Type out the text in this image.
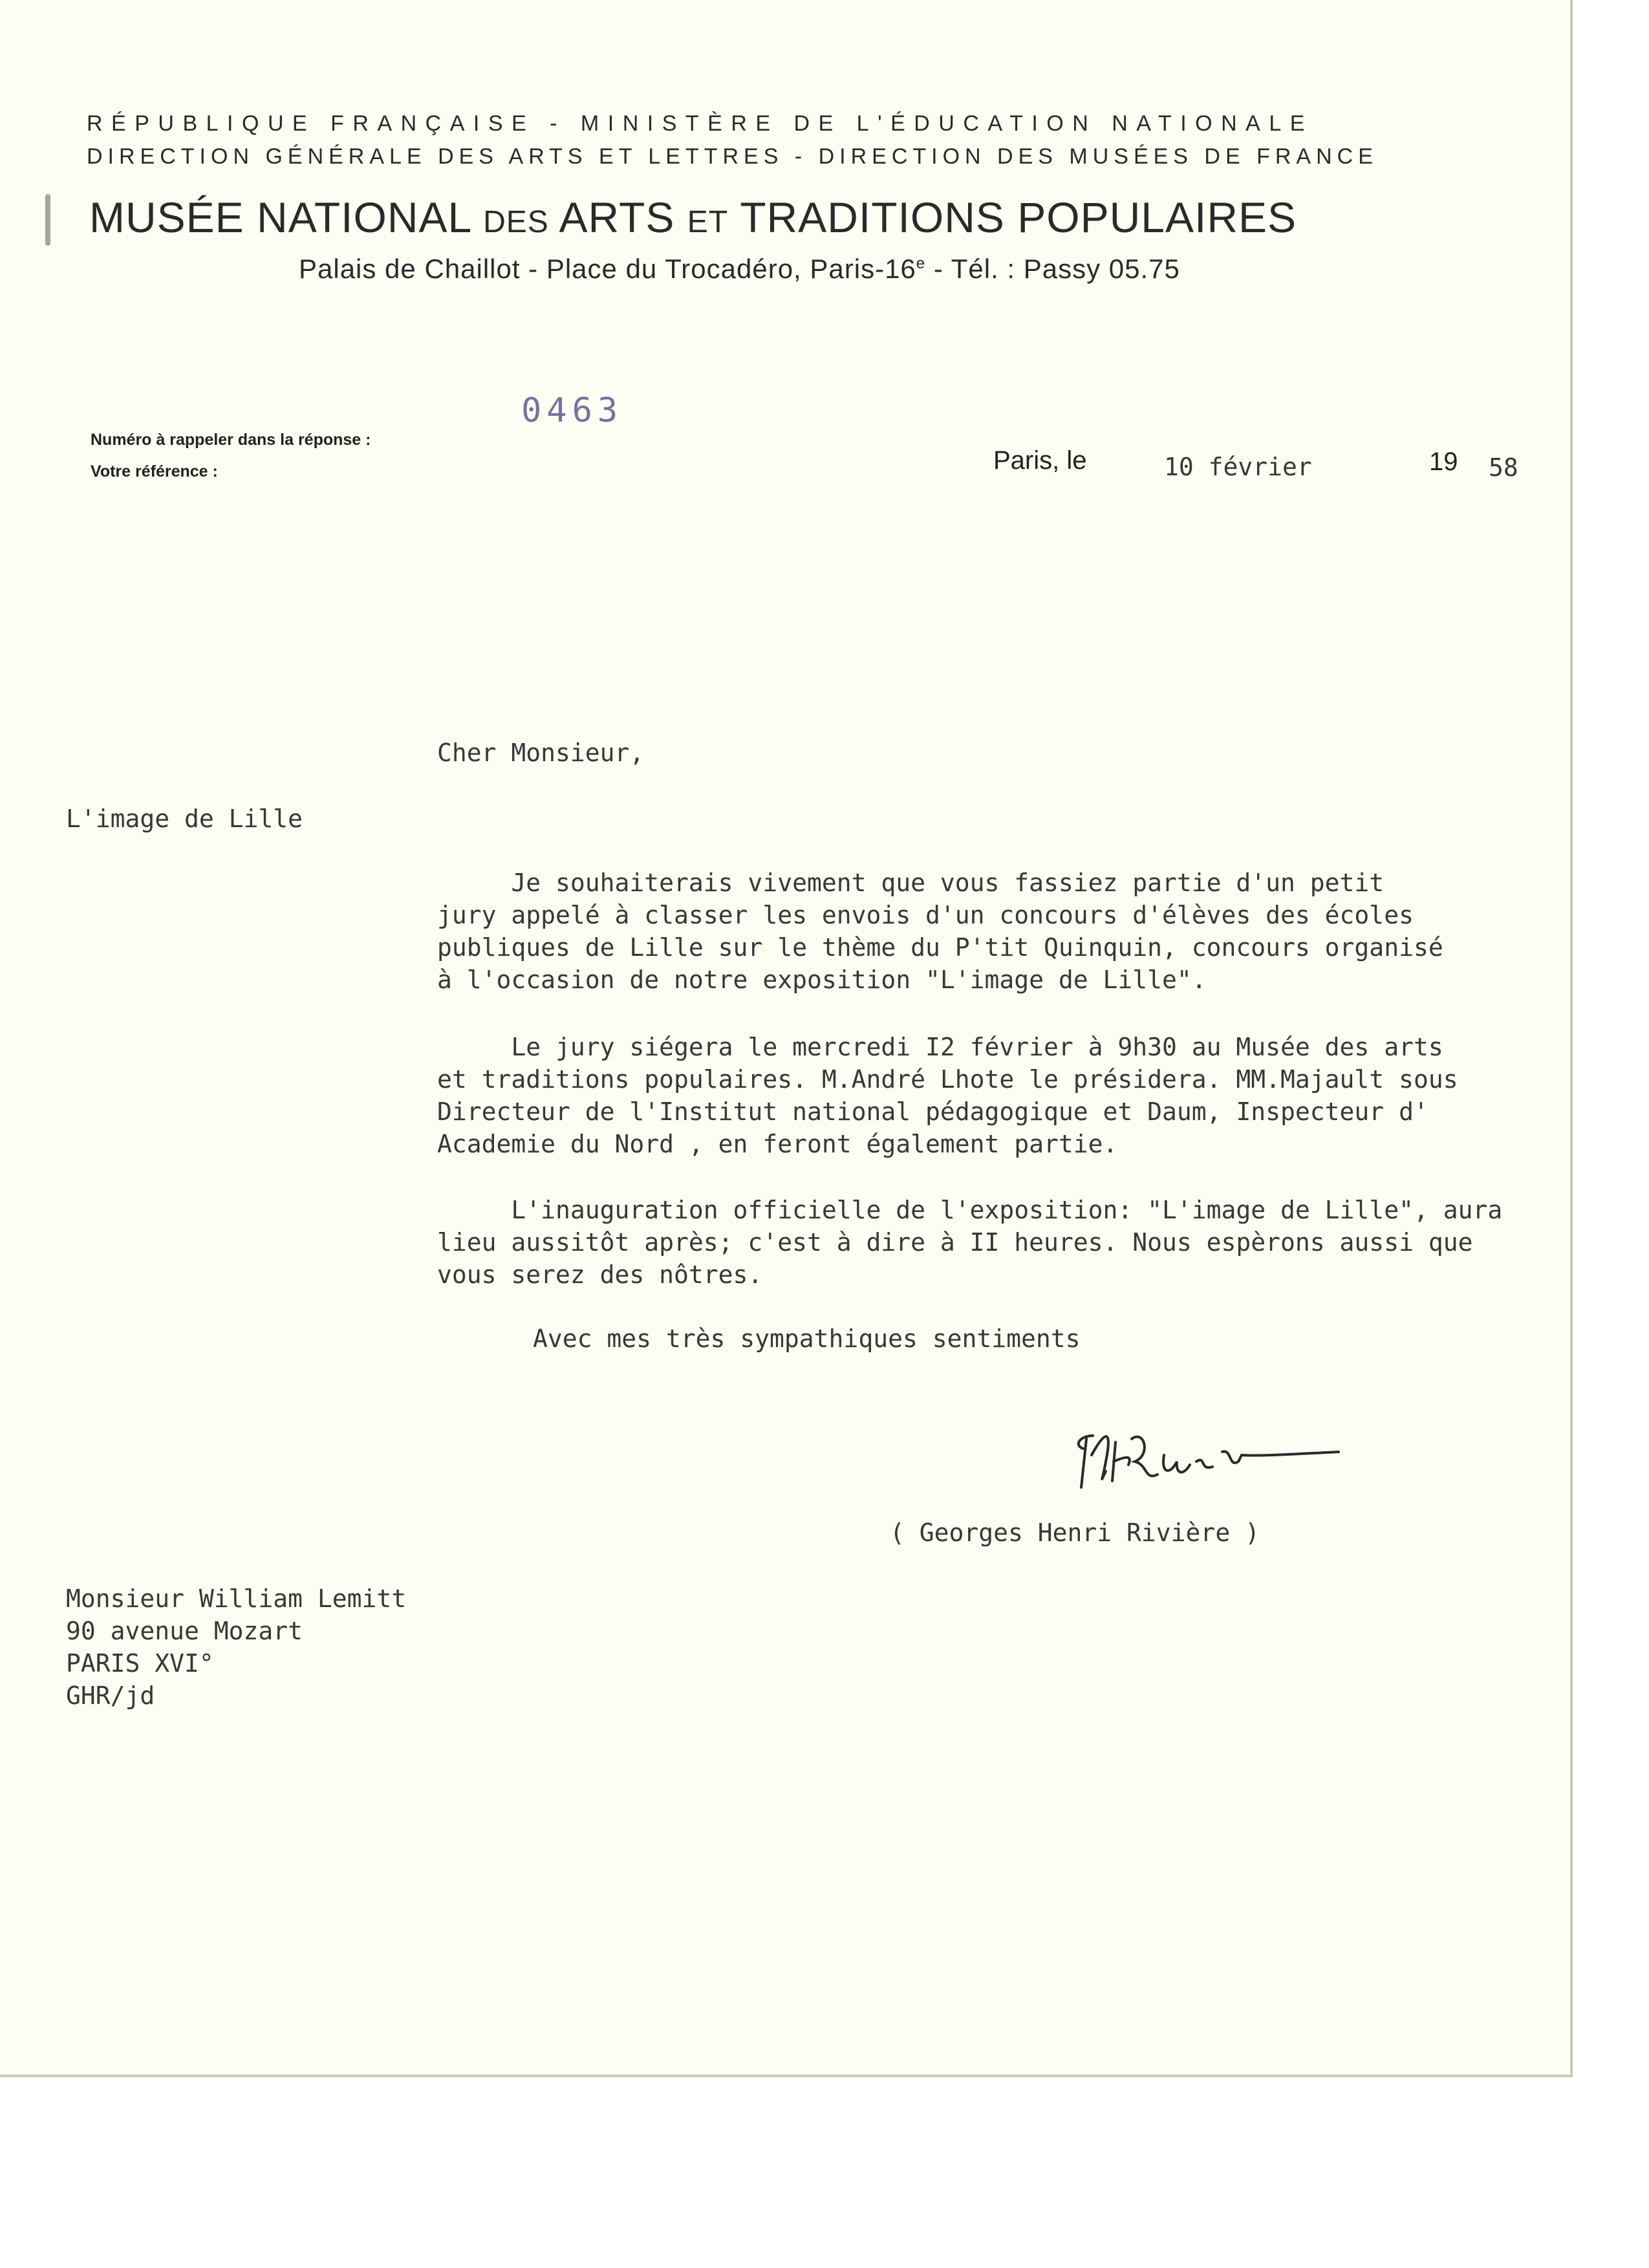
RÉPUBLIQUE FRANÇAISE - MINISTÈRE DE L'ÉDUCATION NATIONALE
DIRECTION GÉNÉRALE DES ARTS ET LETTRES - DIRECTION DES MUSÉES DE FRANCE
MUSÉE NATIONAL DES ARTS ET TRADITIONS POPULAIRES
Palais de Chaillot - Place du Trocadéro, Paris-16e - Tél. : Passy 05.75
0463
Numéro à rappeler dans la réponse :
Votre référence :	Paris, le	10 février	19 58
Cher Monsieur,
L'image de Lille
Je souhaiterais vivement que vous fassiez partie d'un petit
jury appelé à classer les envois d'un concours d'élèves des écoles
publiques de Lille sur le thème du P'tit Quinquin, concours organisé
à l'occasion de notre exposition "L'image de Lille".
Le jury siégera le mercredi I2 février à 9h30 au Musée des arts
et traditions populaires. M.André Lhote le présidera. MM.Majault sous
Directeur de l'Institut national pédagogique et Daum, Inspecteur d'
Academie du Nord , en feront également partie.
L'inauguration officielle de l'exposition: "L'image de Lille", aura
lieu aussitôt après; c'est à dire à II heures. Nous espèrons aussi que
vous serez des nôtres.
Avec mes très sympathiques sentiments
( Georges Henri Rivière )
Monsieur William Lemitt
90 avenue Mozart
PARIS XVI°
GHR/jd
